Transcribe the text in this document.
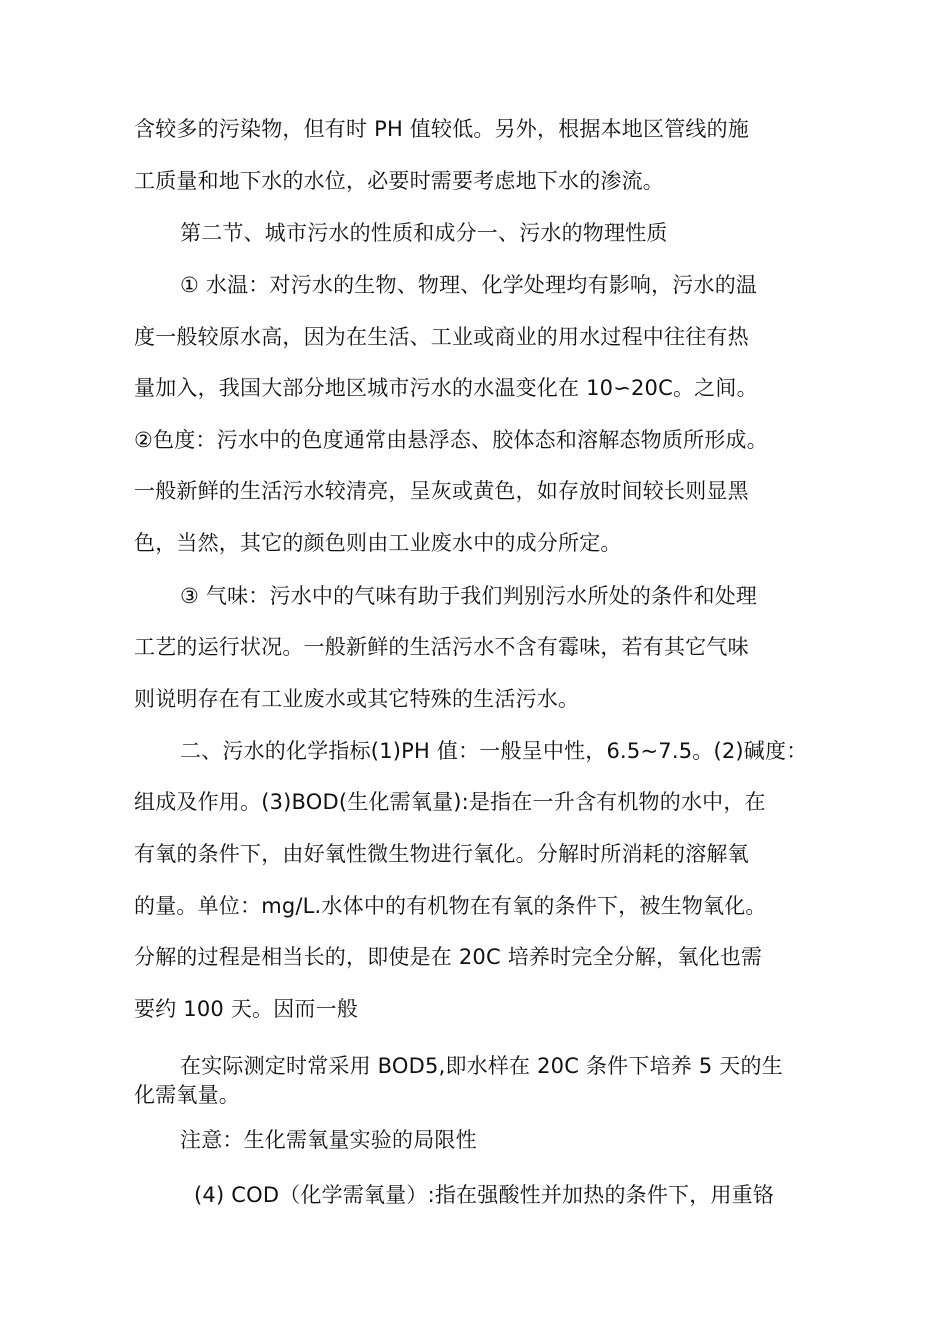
含较多的污染物，但有时 PH 值较低。另外，根据本地区管线的施
工质量和地下水的水位，必要时需要考虑地下水的渗流。
第二节、城市污水的性质和成分一、污水的物理性质
① 水温：对污水的生物、物理、化学处理均有影响，污水的温
度一般较原水高，因为在生活、工业或商业的用水过程中往往有热
量加入，我国大部分地区城市污水的水温变化在 10∽20C。之间。
②色度：污水中的色度通常由悬浮态、胶体态和溶解态物质所形成。
一般新鲜的生活污水较清亮，呈灰或黄色，如存放时间较长则显黑
色，当然，其它的颜色则由工业废水中的成分所定。
③ 气味：污水中的气味有助于我们判别污水所处的条件和处理
工艺的运行状况。一般新鲜的生活污水不含有霉味，若有其它气味
则说明存在有工业废水或其它特殊的生活污水。
二、污水的化学指标(1)PH 值：一般呈中性，6.5~7.5。(2)碱度：
组成及作用。(3)BOD(生化需氧量):是指在一升含有机物的水中，在
有氧的条件下，由好氧性微生物进行氧化。分解时所消耗的溶解氧
的量。单位：mg/L.水体中的有机物在有氧的条件下，被生物氧化。
分解的过程是相当长的，即使是在 20C 培养时完全分解，氧化也需
要约 100 天。因而一般
在实际测定时常采用 BOD5,即水样在 20C 条件下培养 5 天的生
化需氧量。
注意：生化需氧量实验的局限性
(4) COD（化学需氧量）:指在强酸性并加热的条件下，用重铬
